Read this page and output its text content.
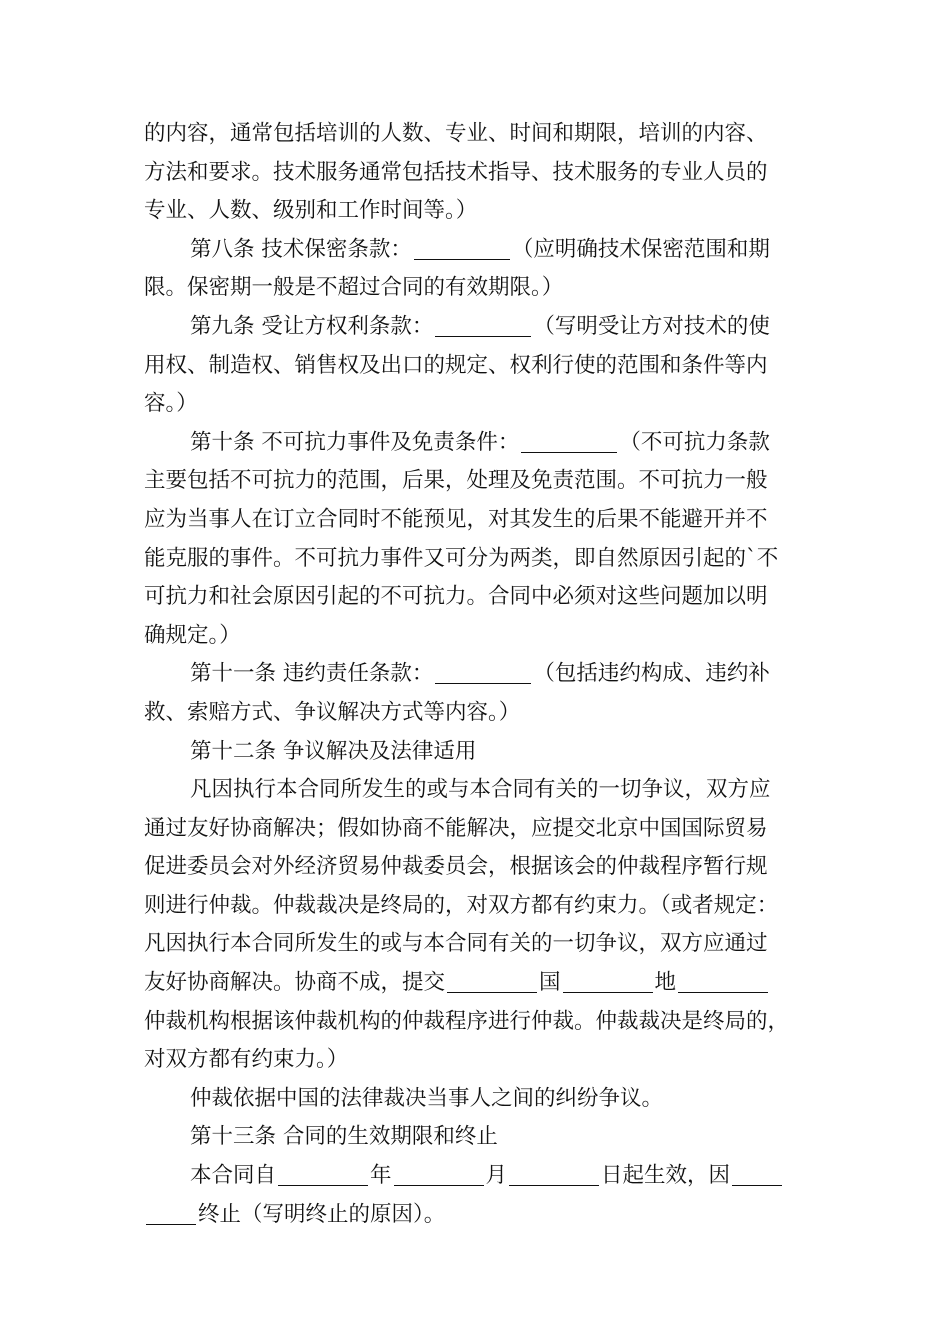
的内容，通常包括培训的人数、专业、时间和期限，培训的内容、
方法和要求。技术服务通常包括技术指导、技术服务的专业人员的
专业、人数、级别和工作时间等。）
第八条 技术保密条款：	（应明确技术保密范围和期
限。保密期一般是不超过合同的有效期限。）
第九条 受让方权利条款：	（写明受让方对技术的使
用权、制造权、销售权及出口的规定、权利行使的范围和条件等内
容。）
第十条 不可抗力事件及免责条件：	（不可抗力条款
主要包括不可抗力的范围，后果，处理及免责范围。不可抗力一般
应为当事人在订立合同时不能预见，对其发生的后果不能避开并不
能克服的事件。不可抗力事件又可分为两类，即自然原因引起的`不
可抗力和社会原因引起的不可抗力。合同中必须对这些问题加以明
确规定。）
第十一条 违约责任条款：	（包括违约构成、违约补
救、索赔方式、争议解决方式等内容。）
第十二条 争议解决及法律适用
凡因执行本合同所发生的或与本合同有关的一切争议，双方应
通过友好协商解决；假如协商不能解决，应提交北京中国国际贸易
促进委员会对外经济贸易仲裁委员会，根据该会的仲裁程序暂行规
则进行仲裁。仲裁裁决是终局的，对双方都有约束力。（或者规定：
凡因执行本合同所发生的或与本合同有关的一切争议，双方应通过
友好协商解决。协商不成，提交	国	地
仲裁机构根据该仲裁机构的仲裁程序进行仲裁。仲裁裁决是终局的，
对双方都有约束力。）
仲裁依据中国的法律裁决当事人之间的纠纷争议。
第十三条 合同的生效期限和终止
本合同自	年	月	日起生效，因
终止（写明终止的原因）。
